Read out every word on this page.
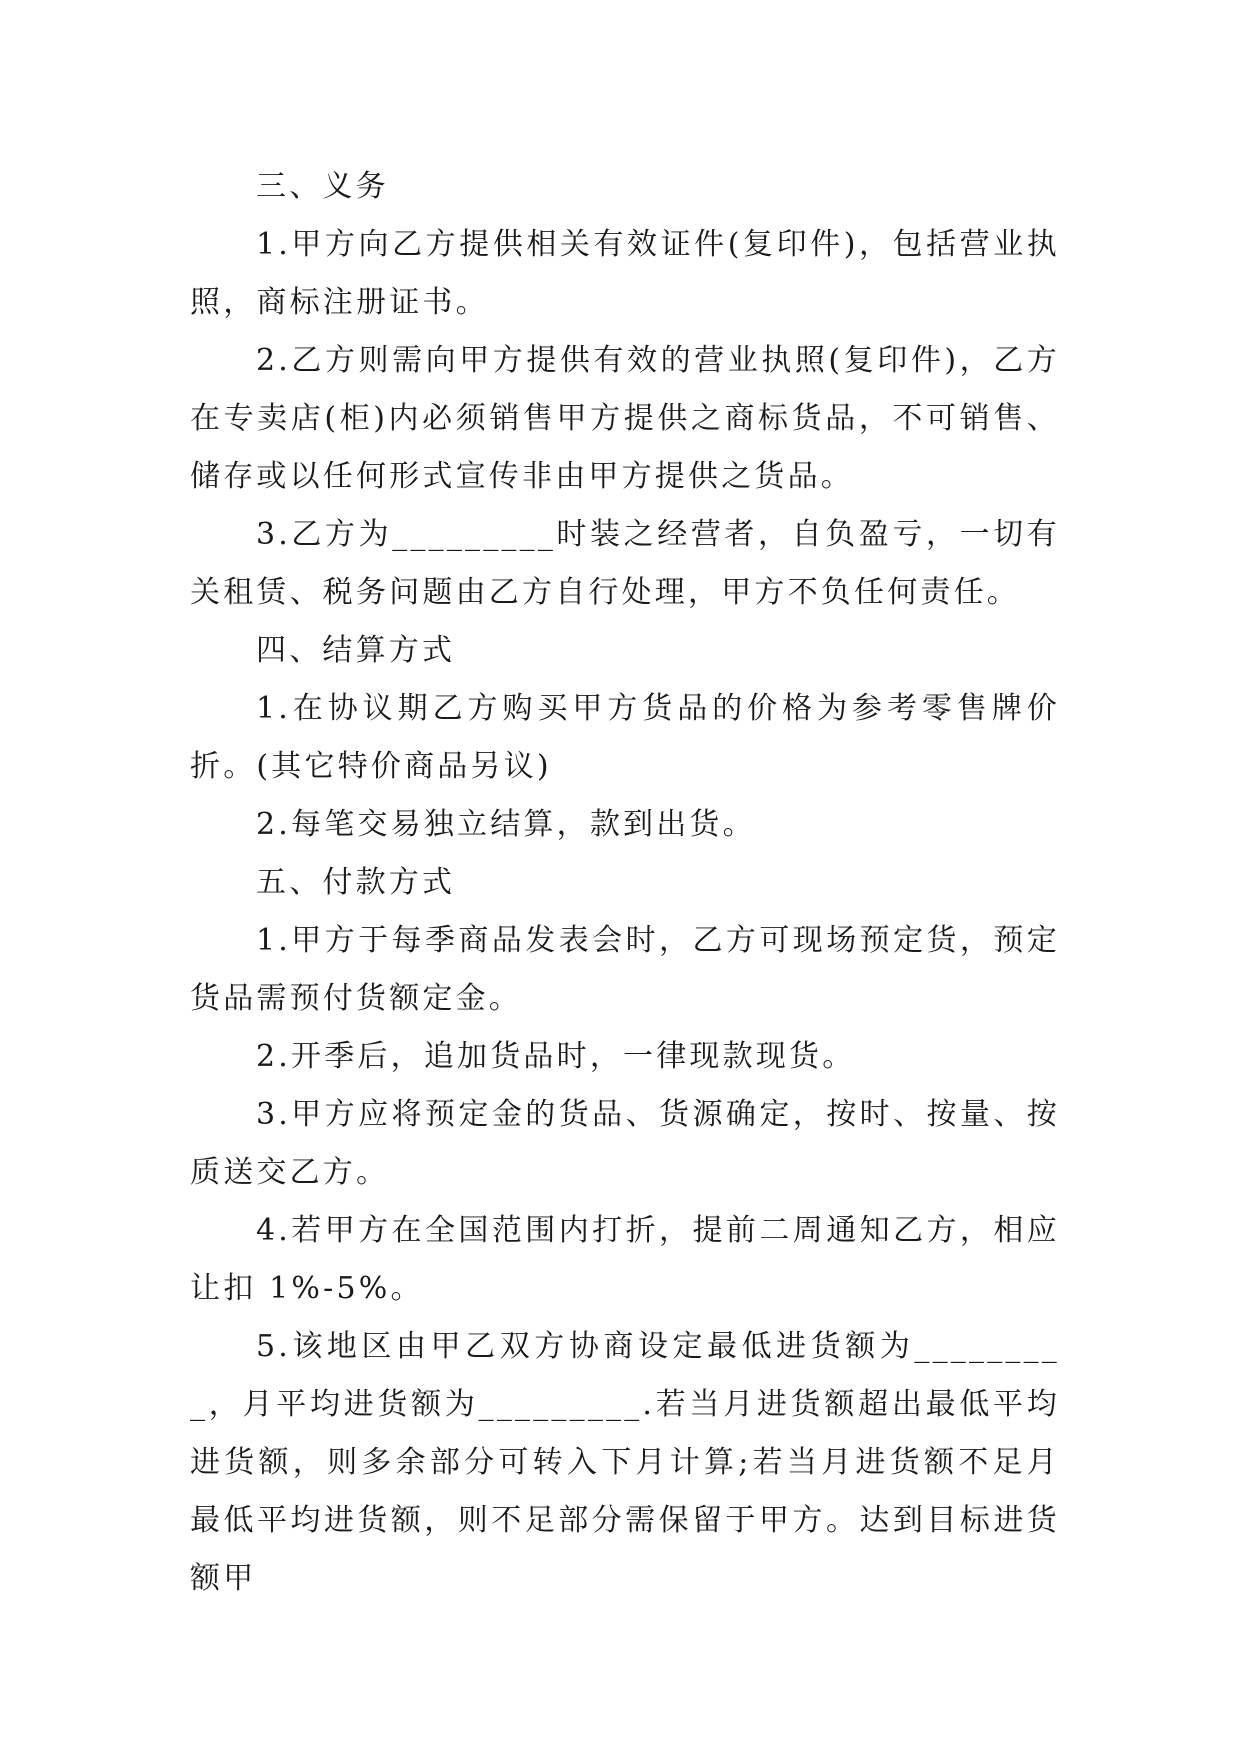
三、义务

1.甲方向乙方提供相关有效证件(复印件)，包括营业执照，商标注册证书。

2.乙方则需向甲方提供有效的营业执照(复印件)，乙方在专卖店(柜)内必须销售甲方提供之商标货品，不可销售、储存或以任何形式宣传非由甲方提供之货品。

3.乙方为_________时装之经营者，自负盈亏，一切有关租赁、税务问题由乙方自行处理，甲方不负任何责任。

四、结算方式

1.在协议期乙方购买甲方货品的价格为参考零售牌价折。(其它特价商品另议)

2.每笔交易独立结算，款到出货。

五、付款方式

1.甲方于每季商品发表会时，乙方可现场预定货，预定货品需预付货额定金。

2.开季后，追加货品时，一律现款现货。

3.甲方应将预定金的货品、货源确定，按时、按量、按质送交乙方。

4.若甲方在全国范围内打折，提前二周通知乙方，相应让扣 1%-5%。

5.该地区由甲乙双方协商设定最低进货额为_________，月平均进货额为_________.若当月进货额超出最低平均进货额，则多余部分可转入下月计算;若当月进货额不足月最低平均进货额，则不足部分需保留于甲方。达到目标进货额甲
